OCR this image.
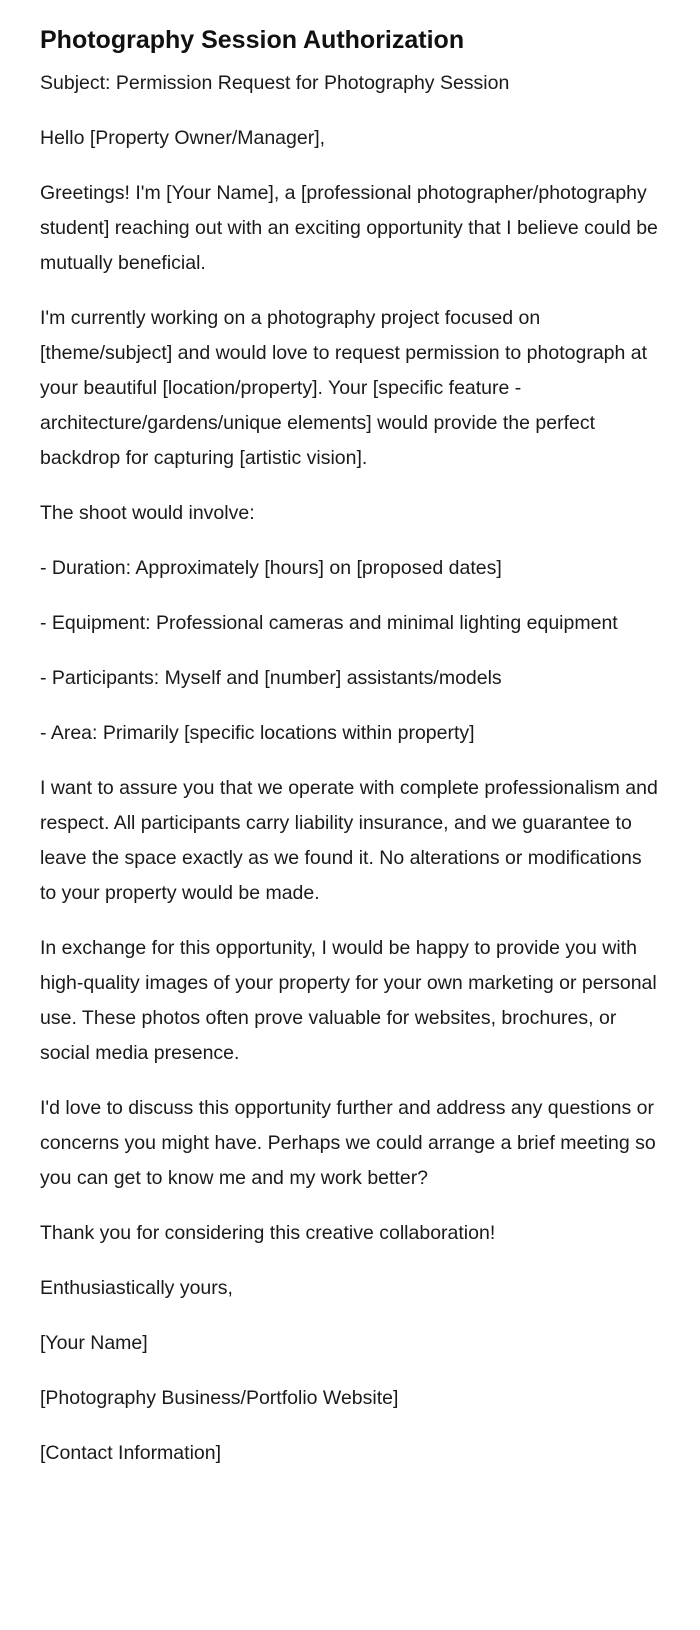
Photography Session Authorization

Subject: Permission Request for Photography Session

Hello [Property Owner/Manager],

Greetings! I'm [Your Name], a [professional photographer/photography student] reaching out with an exciting opportunity that I believe could be mutually beneficial.

I'm currently working on a photography project focused on [theme/subject] and would love to request permission to photograph at your beautiful [location/property]. Your [specific feature - architecture/gardens/unique elements] would provide the perfect backdrop for capturing [artistic vision].

The shoot would involve:

- Duration: Approximately [hours] on [proposed dates]

- Equipment: Professional cameras and minimal lighting equipment

- Participants: Myself and [number] assistants/models

- Area: Primarily [specific locations within property]

I want to assure you that we operate with complete professionalism and respect. All participants carry liability insurance, and we guarantee to leave the space exactly as we found it. No alterations or modifications to your property would be made.

In exchange for this opportunity, I would be happy to provide you with high-quality images of your property for your own marketing or personal use. These photos often prove valuable for websites, brochures, or social media presence.

I'd love to discuss this opportunity further and address any questions or concerns you might have. Perhaps we could arrange a brief meeting so you can get to know me and my work better?

Thank you for considering this creative collaboration!

Enthusiastically yours,

[Your Name]

[Photography Business/Portfolio Website]

[Contact Information]
